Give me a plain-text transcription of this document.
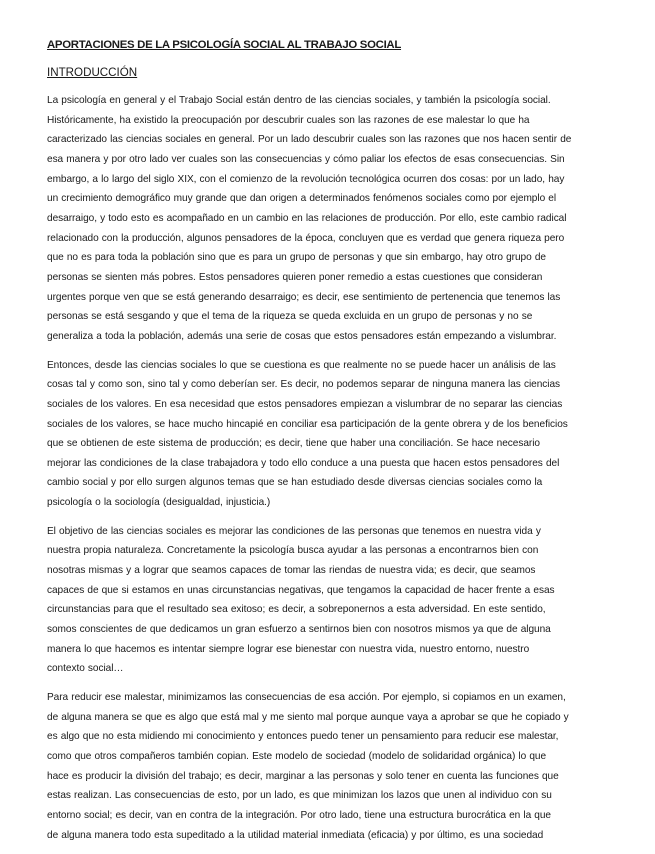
APORTACIONES DE LA PSICOLOGÍA SOCIAL AL TRABAJO SOCIAL
INTRODUCCIÓN
La psicología en general y el Trabajo Social están dentro de las ciencias sociales, y también la psicología social.
Históricamente, ha existido la preocupación por descubrir cuales son las razones de ese malestar lo que ha
caracterizado las ciencias sociales en general. Por un lado descubrir cuales son las razones que nos hacen sentir de
esa manera y por otro lado ver cuales son las consecuencias y cómo paliar los efectos de esas consecuencias. Sin
embargo, a lo largo del siglo XIX, con el comienzo de la revolución tecnológica ocurren dos cosas: por un lado, hay
un crecimiento demográfico muy grande que dan origen a determinados fenómenos sociales como por ejemplo el
desarraigo, y todo esto es acompañado en un cambio en las relaciones de producción. Por ello, este cambio radical
relacionado con la producción, algunos pensadores de la época, concluyen que es verdad que genera riqueza pero
que no es para toda la población sino que es para un grupo de personas y que sin embargo, hay otro grupo de
personas se sienten más pobres. Estos pensadores quieren poner remedio a estas cuestiones que consideran
urgentes porque ven que se está generando desarraigo; es decir, ese sentimiento de pertenencia que tenemos las
personas se está sesgando y que el tema de la riqueza se queda excluida en un grupo de personas y no se
generaliza a toda la población, además una serie de cosas que estos pensadores están empezando a vislumbrar.
Entonces, desde las ciencias sociales lo que se cuestiona es que realmente no se puede hacer un análisis de las
cosas tal y como son, sino tal y como deberían ser. Es decir, no podemos separar de ninguna manera las ciencias
sociales de los valores. En esa necesidad que estos pensadores empiezan a vislumbrar de no separar las ciencias
sociales de los valores, se hace mucho hincapié en conciliar esa participación de la gente obrera y de los beneficios
que se obtienen de este sistema de producción; es decir, tiene que haber una conciliación. Se hace necesario
mejorar las condiciones de la clase trabajadora y todo ello conduce a una puesta que hacen estos pensadores del
cambio social y por ello surgen algunos temas que se han estudiado desde diversas ciencias sociales como la
psicología o la sociología (desigualdad, injusticia.)
El objetivo de las ciencias sociales es mejorar las condiciones de las personas que tenemos en nuestra vida y
nuestra propia naturaleza. Concretamente la psicología busca ayudar a las personas a encontrarnos bien con
nosotras mismas y a lograr que seamos capaces de tomar las riendas de nuestra vida; es decir, que seamos
capaces de que si estamos en unas circunstancias negativas, que tengamos la capacidad de hacer frente a esas
circunstancias para que el resultado sea exitoso; es decir, a sobreponernos a esta adversidad. En este sentido,
somos conscientes de que dedicamos un gran esfuerzo a sentirnos bien con nosotros mismos ya que de alguna
manera lo que hacemos es intentar siempre lograr ese bienestar con nuestra vida, nuestro entorno, nuestro
contexto social…
Para reducir ese malestar, minimizamos las consecuencias de esa acción. Por ejemplo, si copiamos en un examen,
de alguna manera se que es algo que está mal y me siento mal porque aunque vaya a aprobar se que he copiado y
es algo que no esta midiendo mi conocimiento y entonces puedo tener un pensamiento para reducir ese malestar,
como que otros compañeros también copian. Este modelo de sociedad (modelo de solidaridad orgánica) lo que
hace es producir la división del trabajo; es decir, marginar a las personas y solo tener en cuenta las funciones que
estas realizan. Las consecuencias de esto, por un lado, es que minimizan los lazos que unen al individuo con su
entorno social; es decir, van en contra de la integración. Por otro lado, tiene una estructura burocrática en la que
de alguna manera todo esta supeditado a la utilidad material inmediata (eficacia) y por último, es una sociedad
